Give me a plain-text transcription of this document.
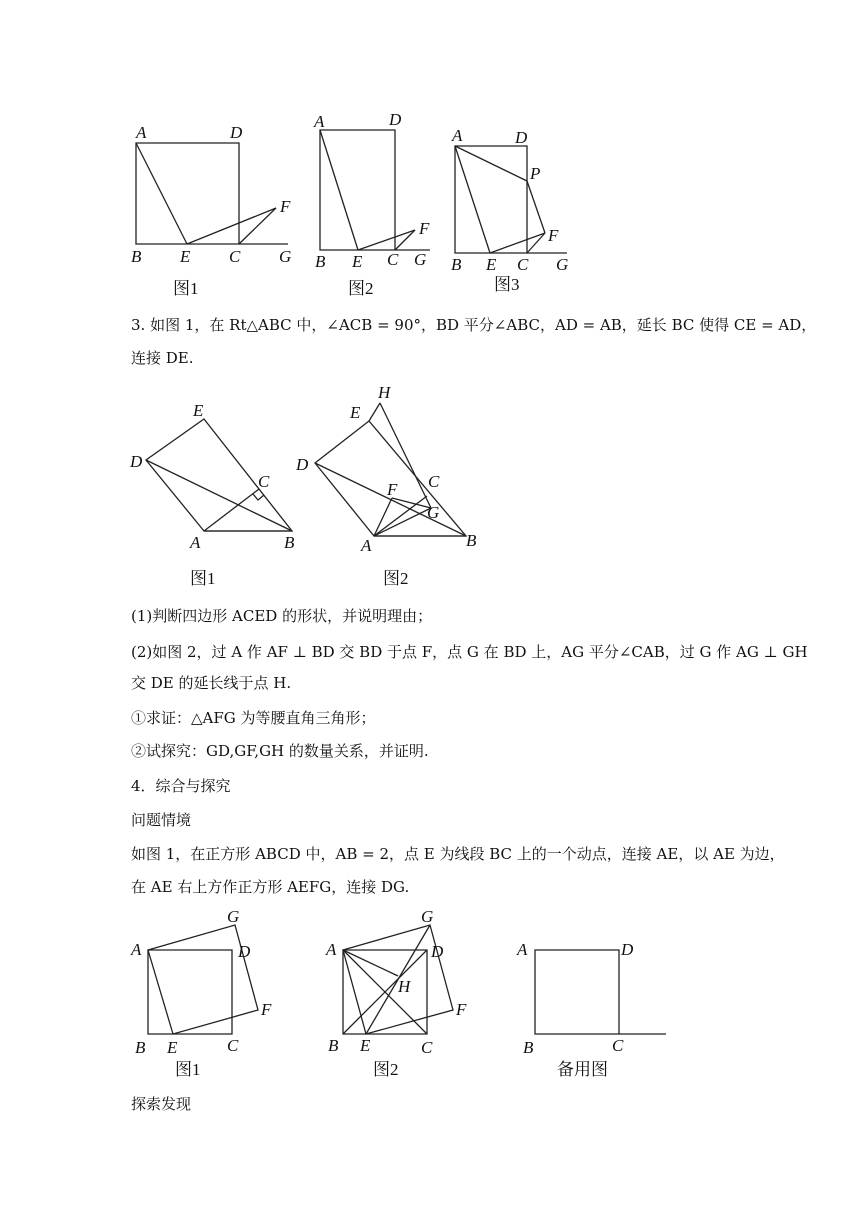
A	D
B E C G
F
图1
A	D
B E C G
F
图2
A	D
P
F
B E C G
图3
E
D
C
A	B
图1
H
E
D
C
F
G
A	B
图2
A
G
D
F
B E	C
图1
A
G
D
H
F
B E	C
图2
A	D
B	C
备用图
3. 如图 1，在 Rt△ABC 中，∠ACB = 90°，BD 平分∠ABC，AD = AB，延长 BC 使得 CE = AD，
连接 DE.
(1)判断四边形 ACED 的形状，并说明理由；
(2)如图 2，过 A 作 AF ⊥ BD 交 BD 于点 F，点 G 在 BD 上，AG 平分∠CAB，过 G 作 AG ⊥ GH
交 DE 的延长线于点 H.
①求证：△AFG 为等腰直角三角形；
②试探究：GD,GF,GH 的数量关系，并证明.
4．综合与探究
问题情境
如图 1，在正方形 ABCD 中，AB = 2，点 E 为线段 BC 上的一个动点，连接 AE，以 AE 为边，
在 AE 右上方作正方形 AEFG，连接 DG.
探索发现
